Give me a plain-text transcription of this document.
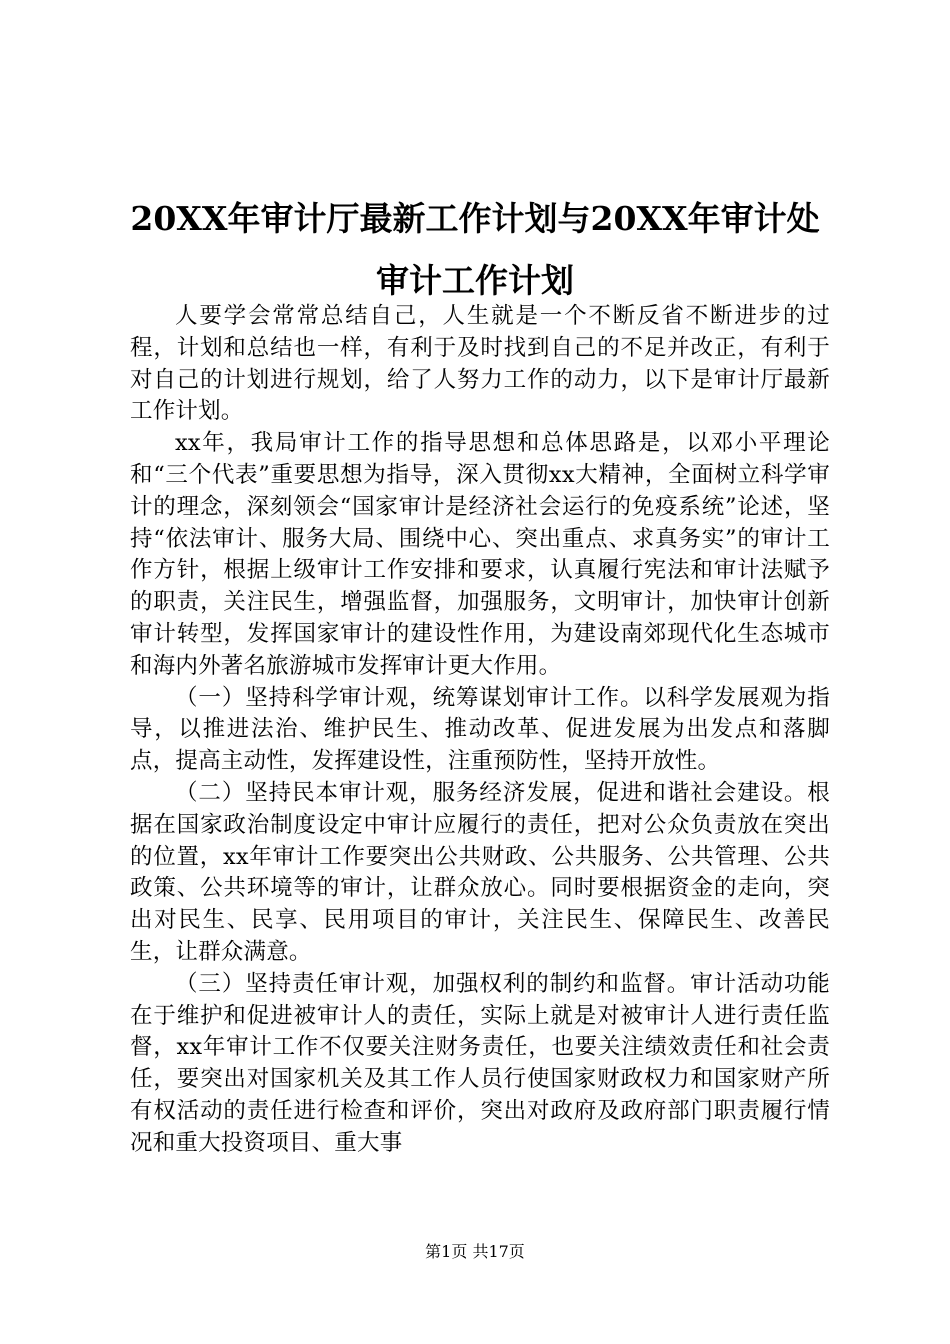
20XX年审计厅最新工作计划与20XX年审计处
审计工作计划

人要学会常常总结自己，人生就是一个不断反省不断进步的过程，计划和总结也一样，有利于及时找到自己的不足并改正，有利于对自己的计划进行规划，给了人努力工作的动力，以下是审计厅最新工作计划。

xx年，我局审计工作的指导思想和总体思路是，以邓小平理论和“三个代表”重要思想为指导，深入贯彻xx大精神，全面树立科学审计的理念，深刻领会“国家审计是经济社会运行的免疫系统”论述，坚持“依法审计、服务大局、围绕中心、突出重点、求真务实”的审计工作方针，根据上级审计工作安排和要求，认真履行宪法和审计法赋予的职责，关注民生，增强监督，加强服务，文明审计，加快审计创新审计转型，发挥国家审计的建设性作用，为建设南郊现代化生态城市和海内外著名旅游城市发挥审计更大作用。

（一）坚持科学审计观，统筹谋划审计工作。以科学发展观为指导，以推进法治、维护民生、推动改革、促进发展为出发点和落脚点，提高主动性，发挥建设性，注重预防性，坚持开放性。

（二）坚持民本审计观，服务经济发展，促进和谐社会建设。根据在国家政治制度设定中审计应履行的责任，把对公众负责放在突出的位置，xx年审计工作要突出公共财政、公共服务、公共管理、公共政策、公共环境等的审计，让群众放心。同时要根据资金的走向，突出对民生、民享、民用项目的审计，关注民生、保障民生、改善民生，让群众满意。

（三）坚持责任审计观，加强权利的制约和监督。审计活动功能在于维护和促进被审计人的责任，实际上就是对被审计人进行责任监督，xx年审计工作不仅要关注财务责任，也要关注绩效责任和社会责任，要突出对国家机关及其工作人员行使国家财政权力和国家财产所有权活动的责任进行检查和评价，突出对政府及政府部门职责履行情况和重大投资项目、重大事

第1页 共17页
